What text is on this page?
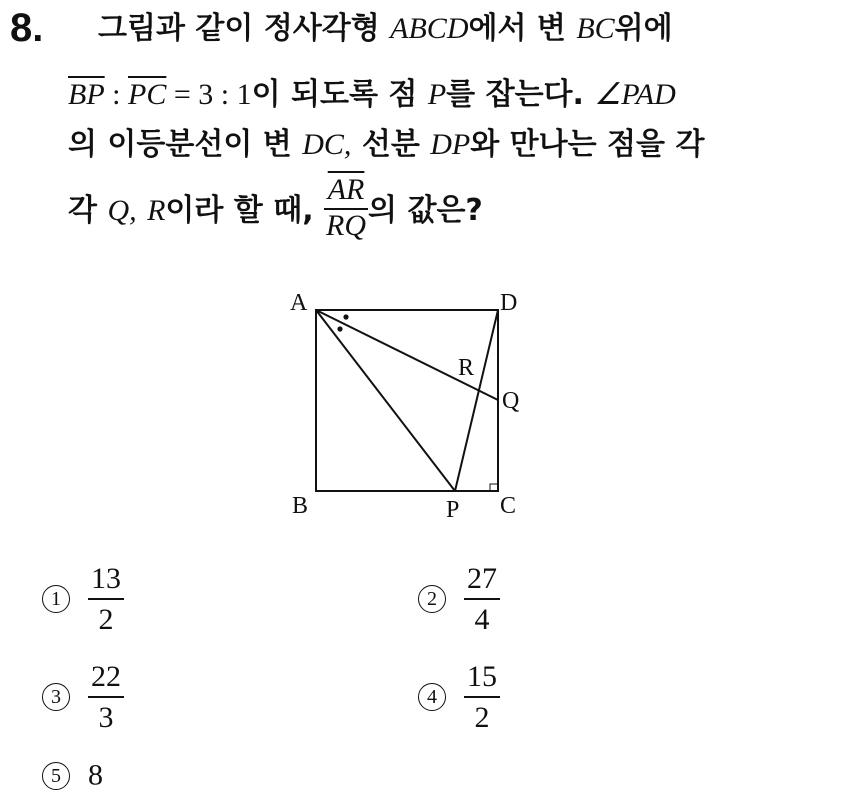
8. 그림과 같이 정사각형 ABCD에서 변 BC위에
$\overline{BP}$ : $\overline{PC} = 3$ : 1이 되도록 점 P를 잡는다. ∠PAD
의 이등분선이 변 DC, 선분 DP와 만나는 점을 각
각 Q, R이라 할 때, $\frac{\overline{AR}}{RQ}$ 의 값은?
A	D
B	P C
R
Q
$1 \frac{13}{2}$	$2 \frac{27}{4}$
$3 \frac{22}{3}$	$4 \frac{15}{2}$
5 8
